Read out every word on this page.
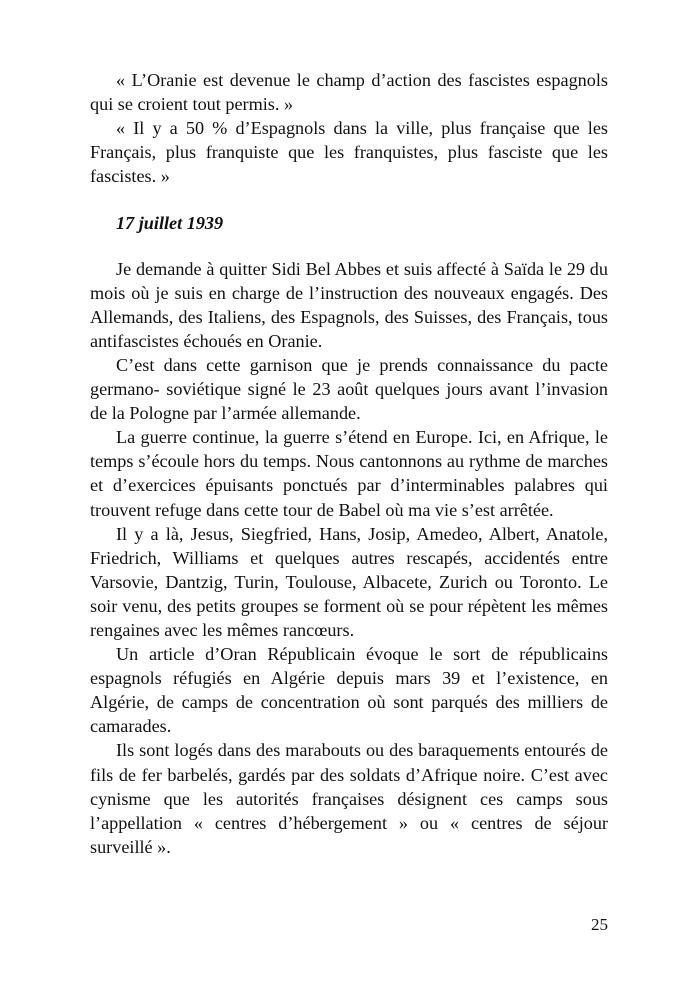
« L’Oranie est devenue le champ d’action des fascistes espagnols qui se croient tout permis. »

« Il y a 50 % d’Espagnols dans la ville, plus française que les Français, plus franquiste que les franquistes, plus fasciste que les fascistes. »

17 juillet 1939

Je demande à quitter Sidi Bel Abbes et suis affecté à Saïda le 29 du mois où je suis en charge de l’instruction des nouveaux engagés. Des Allemands, des Italiens, des Espagnols, des Suisses, des Français, tous antifascistes échoués en Oranie.

C’est dans cette garnison que je prends connaissance du pacte germano- soviétique signé le 23 août quelques jours avant l’invasion de la Pologne par l’armée allemande.

La guerre continue, la guerre s’étend en Europe. Ici, en Afrique, le temps s’écoule hors du temps. Nous cantonnons au rythme de marches et d’exercices épuisants ponctués par d’interminables palabres qui trouvent refuge dans cette tour de Babel où ma vie s’est arrêtée.

Il y a là, Jesus, Siegfried, Hans, Josip, Amedeo, Albert, Anatole, Friedrich, Williams et quelques autres rescapés, accidentés entre Varsovie, Dantzig, Turin, Toulouse, Albacete, Zurich ou Toronto. Le soir venu, des petits groupes se forment où se pour répètent les mêmes rengaines avec les mêmes rancœurs.

Un article d’Oran Républicain évoque le sort de républicains espagnols réfugiés en Algérie depuis mars 39 et l’existence, en Algérie, de camps de concentration où sont parqués des milliers de camarades.

Ils sont logés dans des marabouts ou des baraquements entourés de fils de fer barbelés, gardés par des soldats d’Afrique noire. C’est avec cynisme que les autorités françaises désignent ces camps sous l’appellation « centres d’hébergement » ou « centres de séjour surveillé ».

25
